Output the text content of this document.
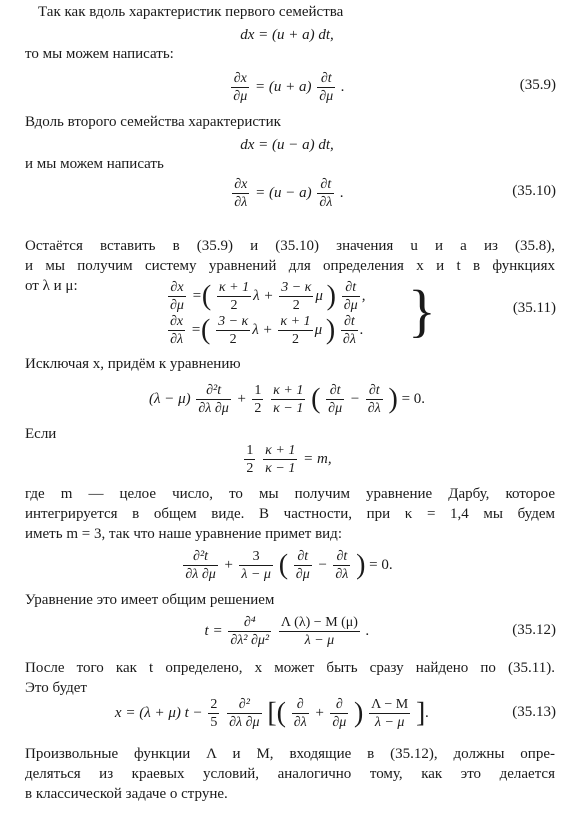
Так как вдоль характеристик первого семейства

dx = (u + a) dt,

то мы можем написать:

$\frac{\partial x}{\partial\mu} = (u + a) \frac{\partial t}{\partial\mu}$ .	(35.9)

Вдоль второго семейства характеристик

dx = (u − a) dt,

и мы можем написать

$\frac{\partial x}{\partial\lambda} = (u - a) \frac{\partial t}{\partial\lambda}$ .	(35.10)

Остаётся вставить в (35.9) и (35.10) значения u и a из (35.8),

и мы получим систему уравнений для определения x и t в функциях

от λ и μ:	$\frac{\partial x}{\partial\mu}$ =( $\frac{\kappa + 1}{2}$ $\lambda + \frac{3 - \kappa}{2}$ μ ) $\frac{\partial t}{\partial\mu}$ ,
$\frac{\partial x}{\partial\lambda}$ =( $\frac{3 - \kappa}{2}$ $\lambda + \frac{\kappa + 1}{2}$ μ ) $\frac{\partial t}{\partial\lambda}$ . }	(35.11)

Исключая x, придём к уравнению

$(\lambda - \mu) \frac{\text{∂²t}}{\partial\lambda \partial\mu} + \frac{1}{2}$
$\frac{\kappa + 1}{\kappa - 1}$ ( $\frac{\partial t}{\partial\mu} - \frac{\partial t}{\partial\lambda}$ ) = 0.

Если

$\frac{1}{2}$
$\frac{\kappa + 1}{\kappa - 1} = m$,

где m — целое число, то мы получим уравнение Дарбу, которое

интегрируется в общем виде. В частности, при κ = 1,4 мы будем

иметь m = 3, так что наше уравнение примет вид:

$\frac{\text{∂²t}}{\partial\lambda \partial\mu} + \frac{3}{\lambda - \mu}$ ( $\frac{\partial t}{\partial\mu} - \frac{\partial t}{\partial\lambda}$ ) = 0.

Уравнение это имеет общим решением

$t = \frac{\text{∂⁴}}{\text{∂λ² ∂μ²}}$
$\frac{\Lambda (\lambda) - M (\mu)}{\lambda - \mu}$ .	(35.12)

После того как t определено, x может быть сразу найдено по (35.11).

Это будет

x = (λ + μ) $t - \frac{2}{5}$
$\frac{\text{∂²}}{\partial\lambda \partial\mu}$ [( $\frac{\partial}{\partial\lambda} + \frac{\partial}{\partial\mu}$ ) $\frac{\Lambda - M}{\lambda - \mu}$ ].	(35.13)

Произвольные функции Λ и M, входящие в (35.12), должны опре-

деляться из краевых условий, аналогично тому, как это делается

в классической задаче о струне.
